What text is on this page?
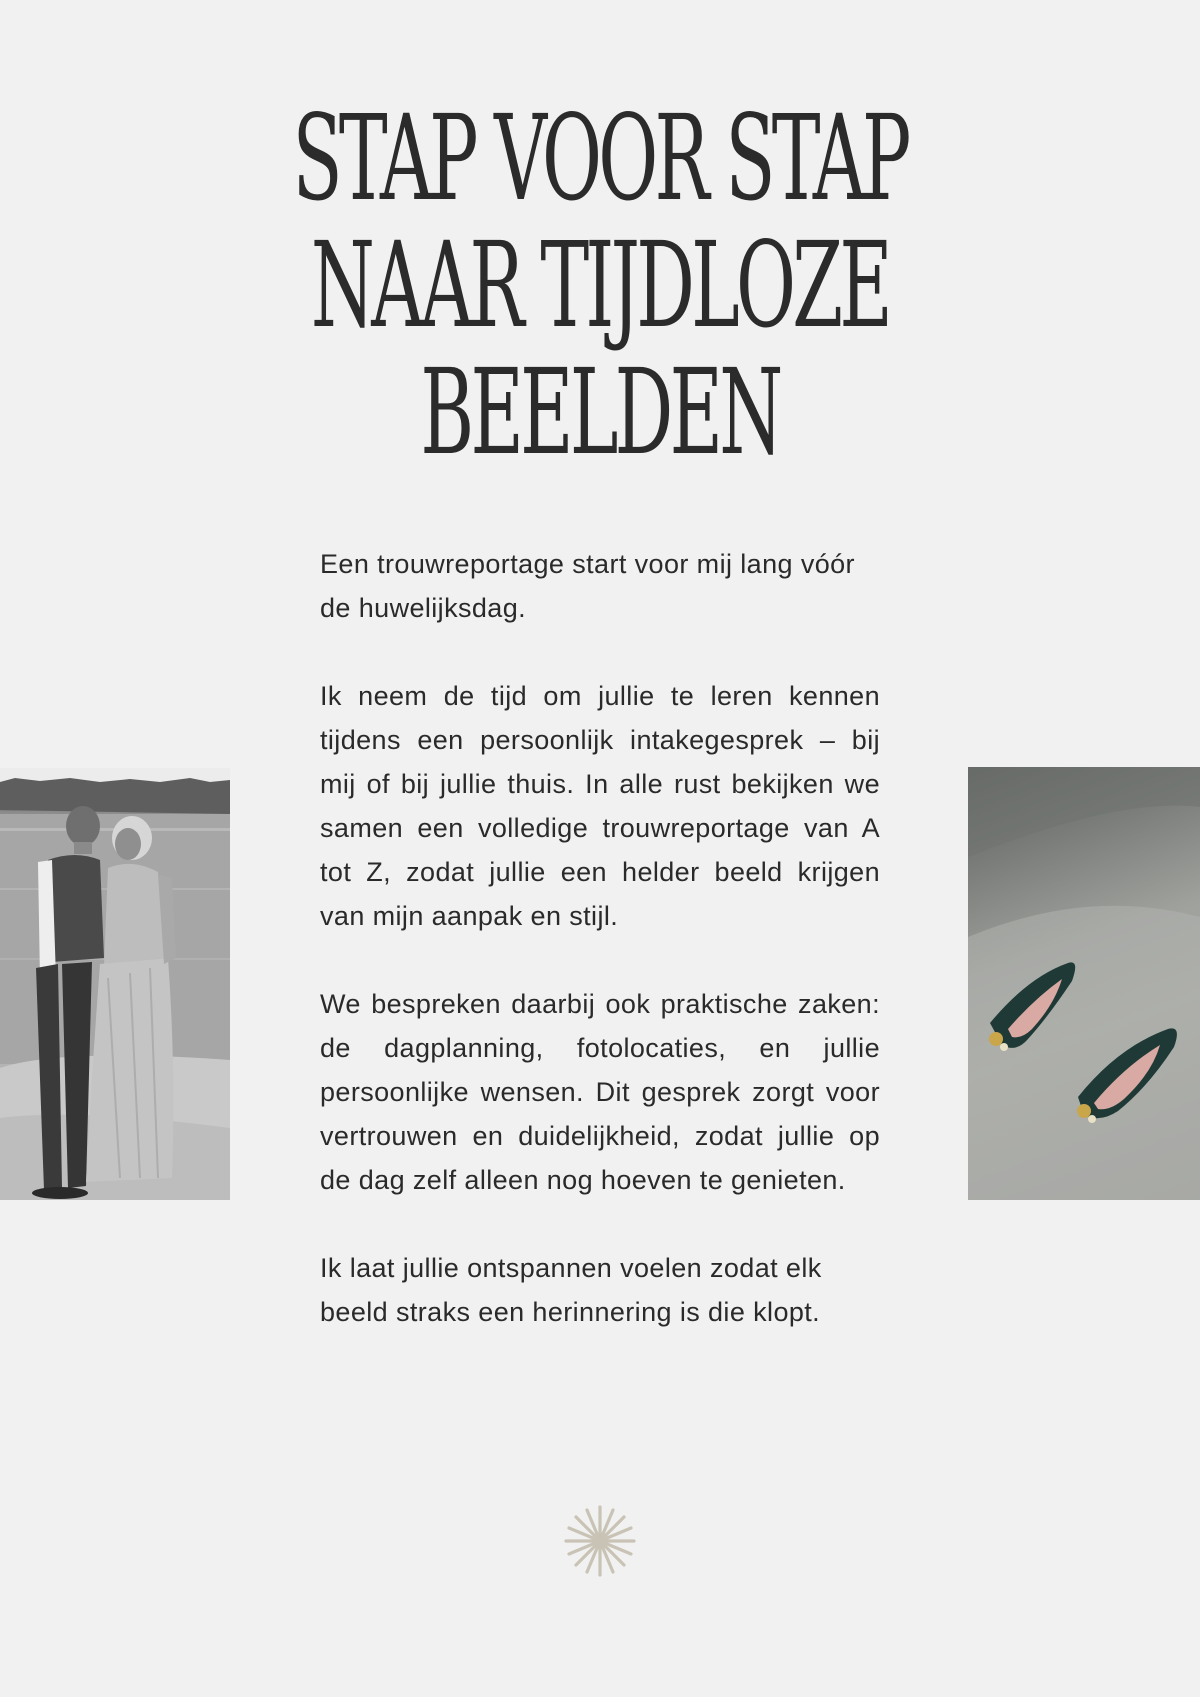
STAP VOOR STAP
NAAR TIJDLOZE
BEELDEN

Een trouwreportage start voor mij lang vóór de huwelijksdag.

Ik neem de tijd om jullie te leren kennen tijdens een persoonlijk intakegesprek – bij mij of bij jullie thuis. In alle rust bekijken we samen een volledige trouwreportage van A tot Z, zodat jullie een helder beeld krijgen van mijn aanpak en stijl.

We bespreken daarbij ook praktische zaken: de dagplanning, fotolocaties, en jullie persoonlijke wensen. Dit gesprek zorgt voor vertrouwen en duidelijkheid, zodat jullie op de dag zelf alleen nog hoeven te genieten.

Ik laat jullie ontspannen voelen zodat elk beeld straks een herinnering is die klopt.
